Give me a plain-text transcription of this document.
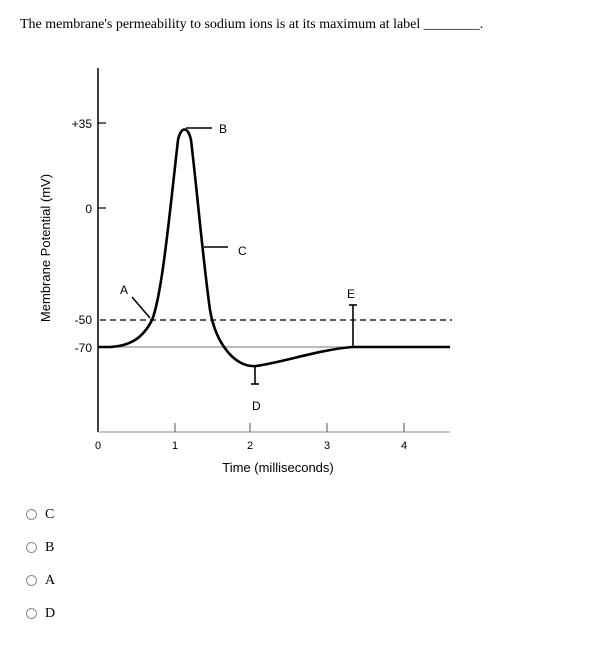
The membrane's permeability to sodium ions is at its maximum at label ________.
+35
0
-50
-70
Membrane Potential (mV)
0	1	2	3	4
Time (milliseconds)
A
B
C
D
E
C
B
A
D
